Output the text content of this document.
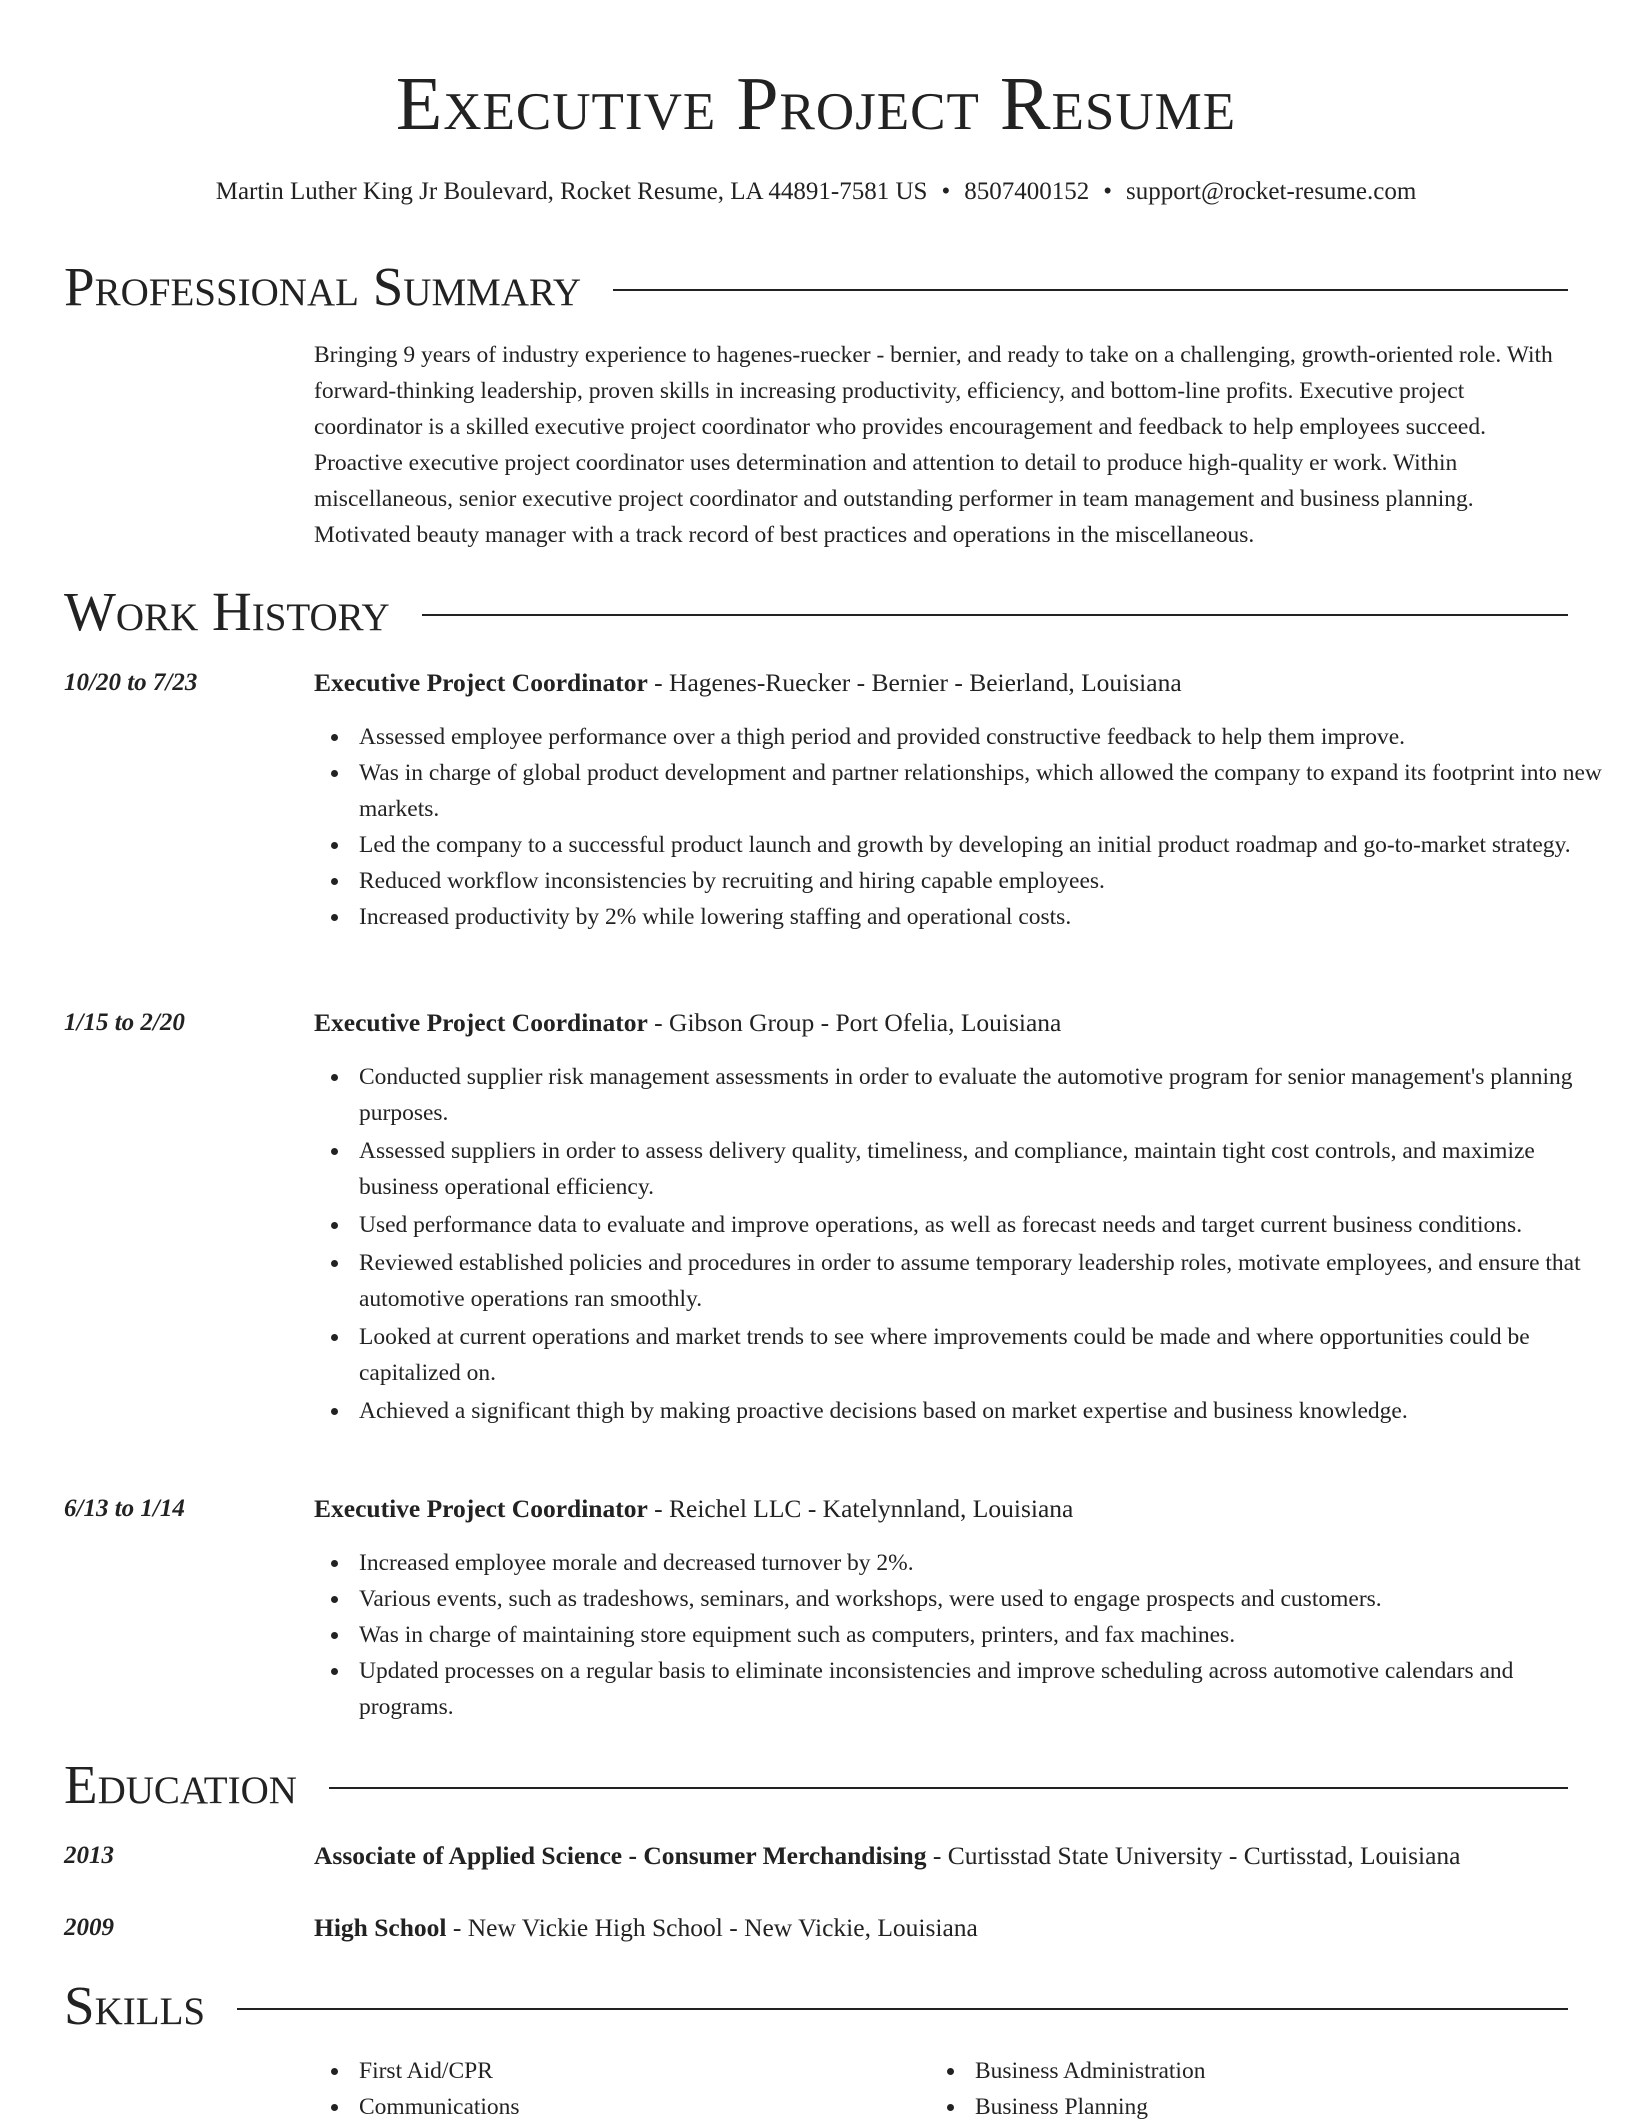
Executive Project Resume
Martin Luther King Jr Boulevard, Rocket Resume, LA 44891-7581 US • 8507400152 • support@rocket-resume.com
Professional Summary

Bringing 9 years of industry experience to hagenes-ruecker - bernier, and ready to take on a challenging, growth-oriented role. With forward-thinking leadership, proven skills in increasing productivity, efficiency, and bottom-line profits. Executive project coordinator is a skilled executive project coordinator who provides encouragement and feedback to help employees succeed. Proactive executive project coordinator uses determination and attention to detail to produce high-quality er work. Within miscellaneous, senior executive project coordinator and outstanding performer in team management and business planning. Motivated beauty manager with a track record of best practices and operations in the miscellaneous.

Work History
10/20 to 7/23	Executive Project Coordinator - Hagenes-Ruecker - Bernier - Beierland, Louisiana
Assessed employee performance over a thigh period and provided constructive feedback to help them improve.
Was in charge of global product development and partner relationships, which allowed the company to expand its footprint into new markets.
Led the company to a successful product launch and growth by developing an initial product roadmap and go-to-market strategy.
Reduced workflow inconsistencies by recruiting and hiring capable employees.
Increased productivity by 2% while lowering staffing and operational costs.
1/15 to 2/20	Executive Project Coordinator - Gibson Group - Port Ofelia, Louisiana
Conducted supplier risk management assessments in order to evaluate the automotive program for senior management's planning purposes.
Assessed suppliers in order to assess delivery quality, timeliness, and compliance, maintain tight cost controls, and maximize business operational efficiency.
Used performance data to evaluate and improve operations, as well as forecast needs and target current business conditions.
Reviewed established policies and procedures in order to assume temporary leadership roles, motivate employees, and ensure that automotive operations ran smoothly.
Looked at current operations and market trends to see where improvements could be made and where opportunities could be capitalized on.
Achieved a significant thigh by making proactive decisions based on market expertise and business knowledge.
6/13 to 1/14	Executive Project Coordinator - Reichel LLC - Katelynnland, Louisiana
Increased employee morale and decreased turnover by 2%.
Various events, such as tradeshows, seminars, and workshops, were used to engage prospects and customers.
Was in charge of maintaining store equipment such as computers, printers, and fax machines.
Updated processes on a regular basis to eliminate inconsistencies and improve scheduling across automotive calendars and programs.
Education
2013	Associate of Applied Science - Consumer Merchandising - Curtisstad State University - Curtisstad, Louisiana
2009	High School - New Vickie High School - New Vickie, Louisiana
Skills
First Aid/CPR
Communications
Business Administration
Business Planning
